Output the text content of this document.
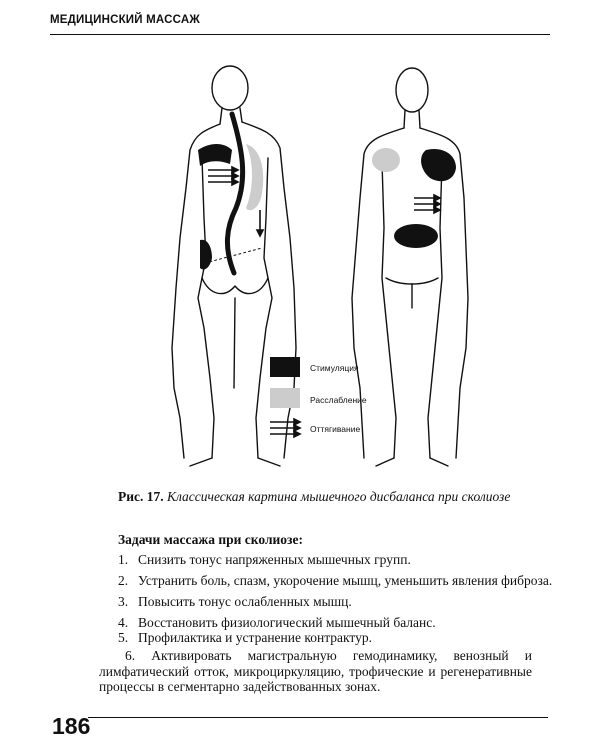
МЕДИЦИНСКИЙ МАССАЖ
Стимуляция
Расслабление
Оттягивание
Рис. 17. Классическая картина мышечного дисбаланса при сколиозе
Задачи массажа при сколиозе:
1. Снизить тонус напряженных мышечных групп.
2. Устранить боль, спазм, укорочение мышц, уменьшить явления фиброза.
3. Повысить тонус ослабленных мышц.
4. Восстановить физиологический мышечный баланс.
5. Профилактика и устранение контрактур.
6. Активировать магистральную гемодинамику, венозный и лимфатический отток, микроциркуляцию, трофические и регенеративные процессы в сегментарно задействованных зонах.
186
